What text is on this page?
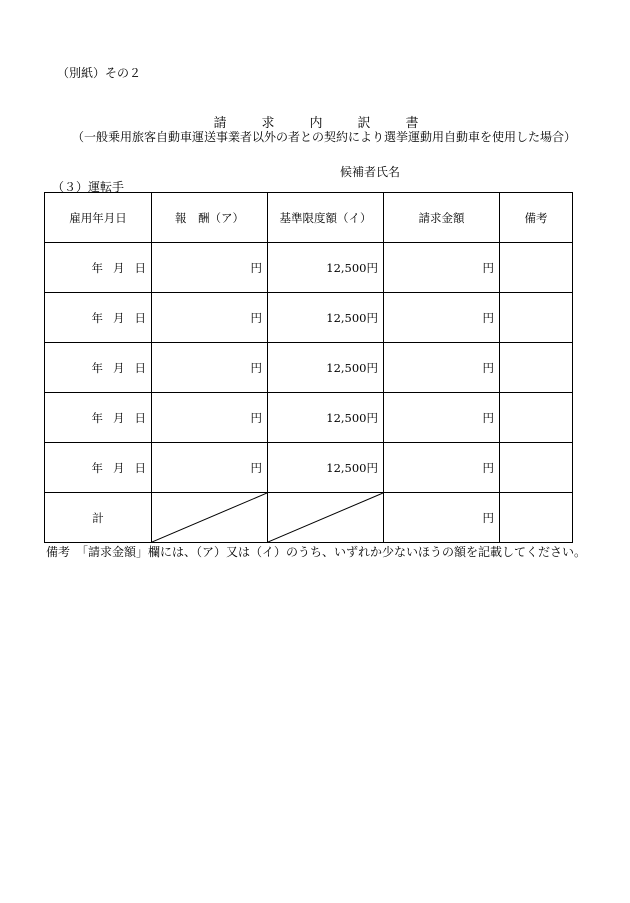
（別紙）その２
請	求	内	訳	書
（一般乗用旅客自動車運送事業者以外の者との契約により選挙運動用自動車を使用した場合）
候補者氏名
（３）運転手
雇用年月日	報　酬（ア）	基準限度額（イ）	請求金額	備考
年 月 日	円	12,500円	円	
年 月 日	円	12,500円	円	
年 月 日	円	12,500円	円	
年 月 日	円	12,500円	円	
年 月 日	円	12,500円	円	
計			円	
備考　「請求金額」欄には、（ア）又は（イ）のうち、いずれか少ないほうの額を記載してください。
